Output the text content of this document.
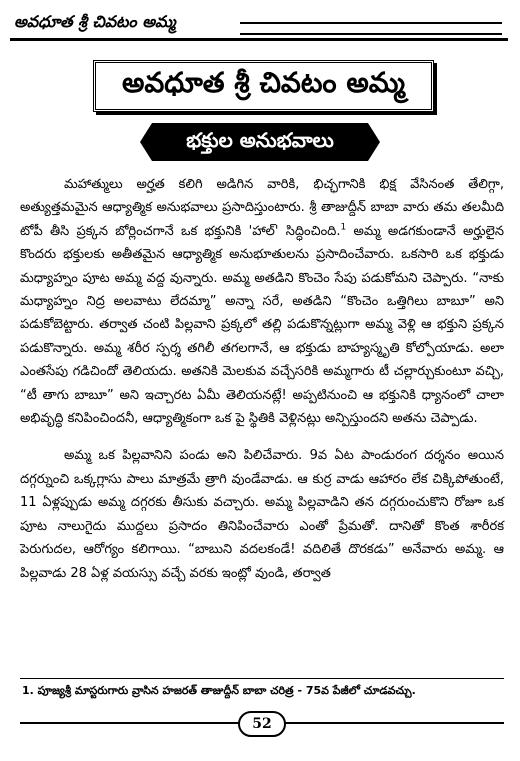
అవధూత శ్రీ చివటం అమ్మ
అవధూత శ్రీ చివటం అమ్మ
భక్తుల అనుభవాలు

మహాత్ములు అర్హత కలిగి అడిగిన వారికి, భిచ్ఛగానికి భిక్ష వేసినంత తేలిగ్గా, అత్యుత్తమమైన ఆధ్యాత్మిక అనుభవాలు ప్రసాదిస్తుంటారు. శ్రీ తాజుద్దీన్ బాబా వారు తమ తలమీది టోపీ తీసి ప్రక్కన బోర్లించగానే ఒక భక్తునికి 'హాల్' సిద్ధించింది.$^1$ అమ్మ అడగకుండానే అర్హులైన కొందరు భక్తులకు అతీతమైన ఆధ్యాత్మిక అనుభూతులను ప్రసాదించేవారు. ఒకసారి ఒక భక్తుడు మధ్యాహ్నం పూట అమ్మ వద్ద వున్నారు. అమ్మ అతడిని కొంచెం సేపు పడుకోమని చెప్పారు. “నాకు మధ్యాహ్నం నిద్ర అలవాటు లేదమ్మా” అన్నా సరే, అతడిని “కొంచెం ఒత్తిగిలు బాబూ” అని పడుకోబెట్టారు. తర్వాత చంటి పిల్లవాని ప్రక్కలో తల్లి పడుకొన్నట్లుగా అమ్మ వెళ్లి ఆ భక్తుని ప్రక్కన పడుకొన్నారు. అమ్మ శరీర స్పర్శ తగిలీ తగలగానే, ఆ భక్తుడు బాహ్యస్మృతి కోల్పోయాడు. అలా ఎంతసేపు గడిచిందో తెలియదు. అతనికి మెలకువ వచ్చేసరికి అమ్మగారు టీ చల్లార్చుకుంటూ వచ్చి, “టీ తాగు బాబూ” అని ఇచ్చారట ఏమీ తెలియనట్లే! అప్పటినుంచి ఆ భక్తునికి ధ్యానంలో చాలా అభివృద్ధి కనిపించిందనీ, ఆధ్యాత్మికంగా ఒక పై స్థితికి వెళ్లినట్లు అన్పిస్తుందని అతను చెప్పాడు.

అమ్మ ఒక పిల్లవానిని పండు అని పిలిచేవారు. 9వ ఏట పాండురంగ దర్శనం అయిన దగ్గర్నుంచి ఒక్కగ్లాసు పాలు మాత్రమే త్రాగి వుండేవాడు. ఆ కుర్ర వాడు ఆహారం లేక చిక్కిపోతుంటే, 11 ఏళ్లప్పుడు అమ్మ దగ్గరకు తీసుకు వచ్చారు. అమ్మ పిల్లవాడిని తన దగ్గరుంచుకొని రోజూ ఒక పూట నాలుగైదు ముద్దలు ప్రసాదం తినిపించేవారు ఎంతో ప్రేమతో. దానితో కొంత శారీరక పెరుగుదల, ఆరోగ్యం కలిగాయి. “బాబుని వదలకండే! వదిలితే దొరకడు” అనేవారు అమ్మ. ఆ పిల్లవాడు 28 ఏళ్ల వయస్సు వచ్చే వరకు ఇంట్లో వుండి, తర్వాత

1. పూజ్యశ్రీ మాస్టరుగారు వ్రాసిన హజరత్ తాజుద్దీన్ బాబా చరిత్ర - 75వ పేజీలో చూడవచ్చు.
52
